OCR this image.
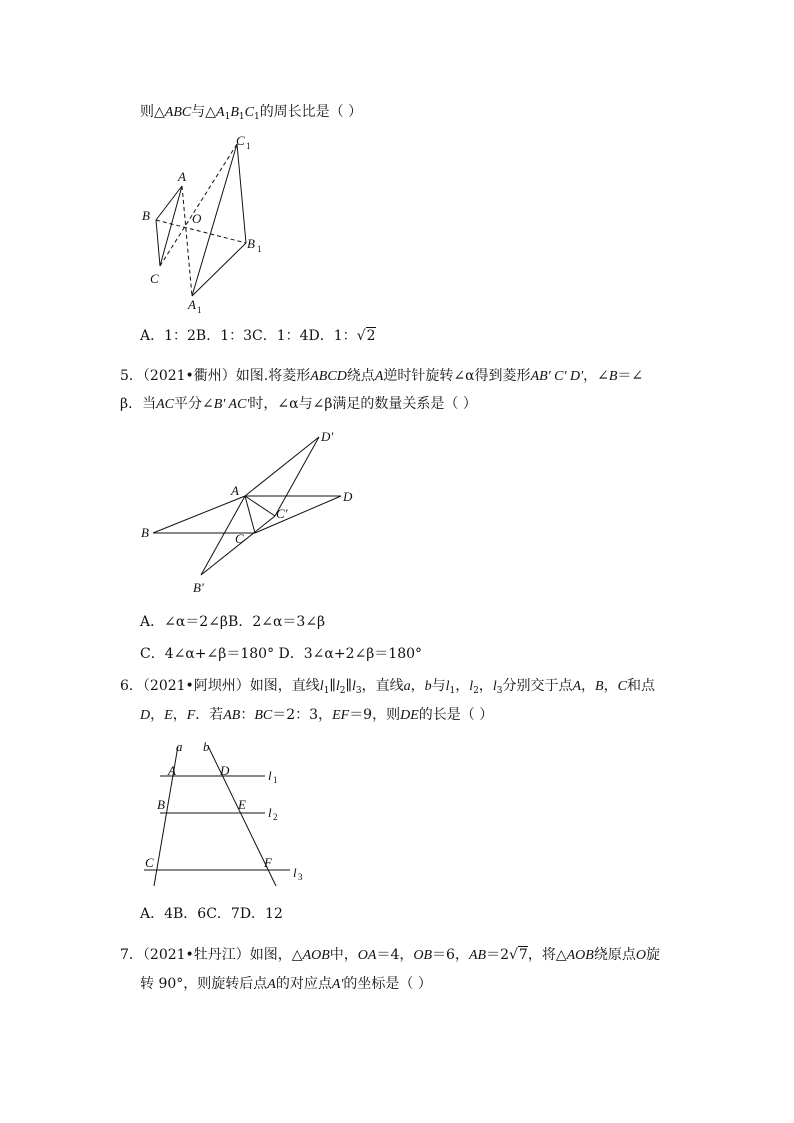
则△ABC与$\triangle A_1B_1C_1$的周长比是（ ）
A
B
C
O
C 1
B 1
A 1
A．1：2B．1：3C．1：4D．1：√2
5．（2021•衢州）如图.将菱形ABCD绕点A逆时针旋转∠α得到菱形AB' C' D'，∠B＝∠
β．当AC平分∠B' AC'时，∠α与∠β满足的数量关系是（ ）
A
B	C
D
B'
C'
D'
A．∠α＝2∠βB．2∠α＝3∠β
C．4∠α+∠β＝180° D．3∠α+2∠β＝180°
6．（2021•阿坝州）如图，直线$l_1\parallel l_2\parallel l_3$，直线a，b与$l_1$，$l_2$，$l_3$分别交于点A，B，C和点
D，E，F．若AB：BC＝2：3，EF＝9，则DE的长是（ ）
a b
A	D
B	E
C	F
l 1
l 2
l 3
A．4B．6C．7D．12
7．（2021•牡丹江）如图，△AOB中，OA＝4，OB＝6，AB＝2√7，将△AOB绕原点O旋
转 90°，则旋转后点A的对应点A'的坐标是（ ）
